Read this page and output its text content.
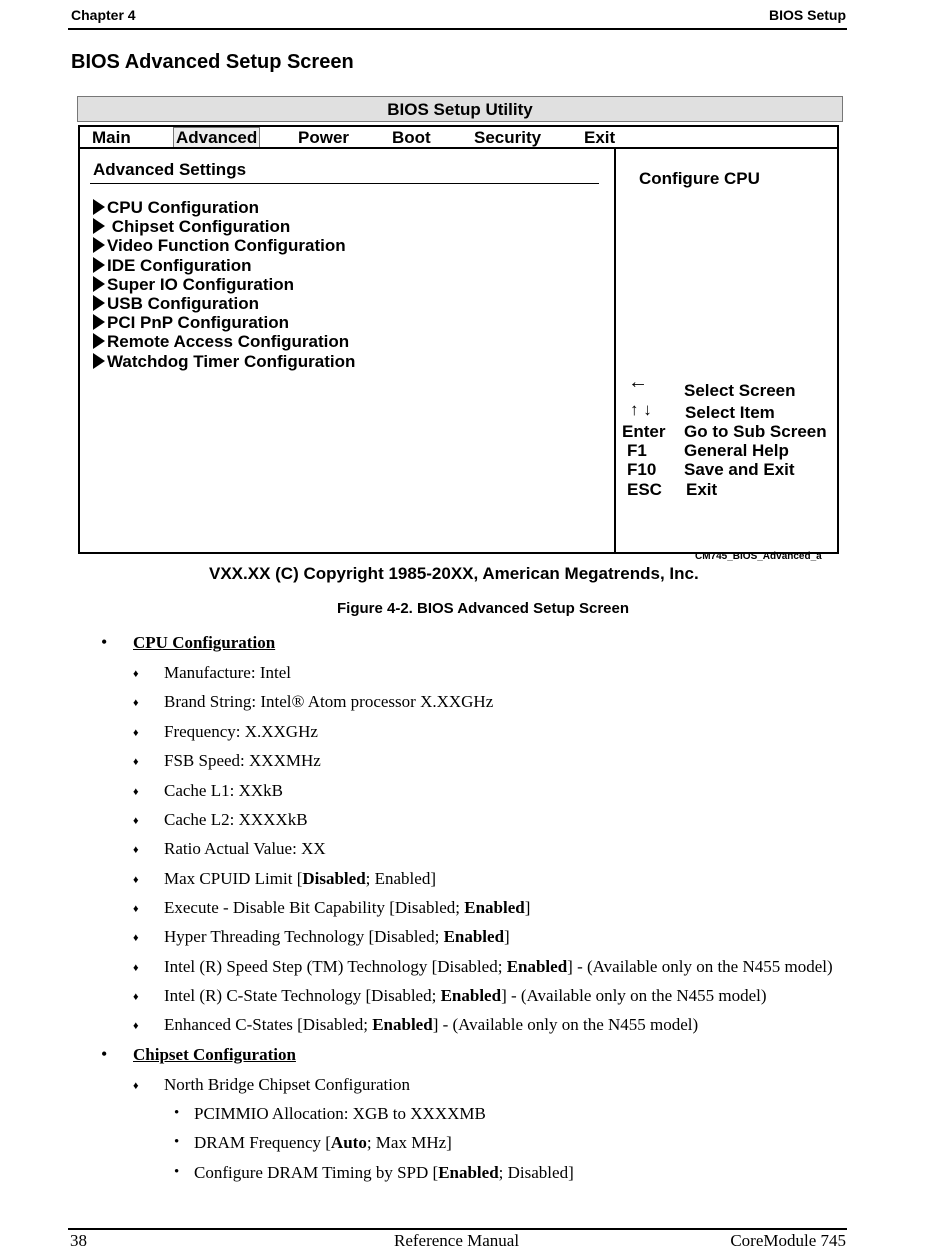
Chapter 4	BIOS Setup
BIOS Advanced Setup Screen
BIOS Setup Utility
Main	Advanced Power	Boot	Security	Exit
Advanced Settings
CPU Configuration
Chipset Configuration
Video Function Configuration
IDE Configuration
Super IO Configuration
USB Configuration
PCI PnP Configuration
Remote Access Configuration
Watchdog Timer Configuration
Configure CPU
← Select Screen
↑ ↓ Select Item
Enter Go to Sub Screen
F1 General Help
F10 Save and Exit
ESC Exit
CM745_BIOS_Advanced_a
VXX.XX (C) Copyright 1985-20XX, American Megatrends, Inc.
Figure 4-2. BIOS Advanced Setup Screen
• CPU Configuration
♦ Manufacture: Intel
♦ Brand String: Intel® Atom processor X.XXGHz
♦ Frequency: X.XXGHz
♦ FSB Speed: XXXMHz
♦ Cache L1: XXkB
♦ Cache L2: XXXXkB
♦ Ratio Actual Value: XX
♦ Max CPUID Limit [Disabled; Enabled]
♦ Execute - Disable Bit Capability [Disabled; Enabled]
♦ Hyper Threading Technology [Disabled; Enabled]
♦ Intel (R) Speed Step (TM) Technology [Disabled; Enabled] - (Available only on the N455 model)
♦ Intel (R) C-State Technology [Disabled; Enabled] - (Available only on the N455 model)
♦ Enhanced C-States [Disabled; Enabled] - (Available only on the N455 model)
• Chipset Configuration
♦ North Bridge Chipset Configuration
• PCIMMIO Allocation: XGB to XXXXMB
• DRAM Frequency [Auto; Max MHz]
• Configure DRAM Timing by SPD [Enabled; Disabled]
38	Reference Manual	CoreModule 745
